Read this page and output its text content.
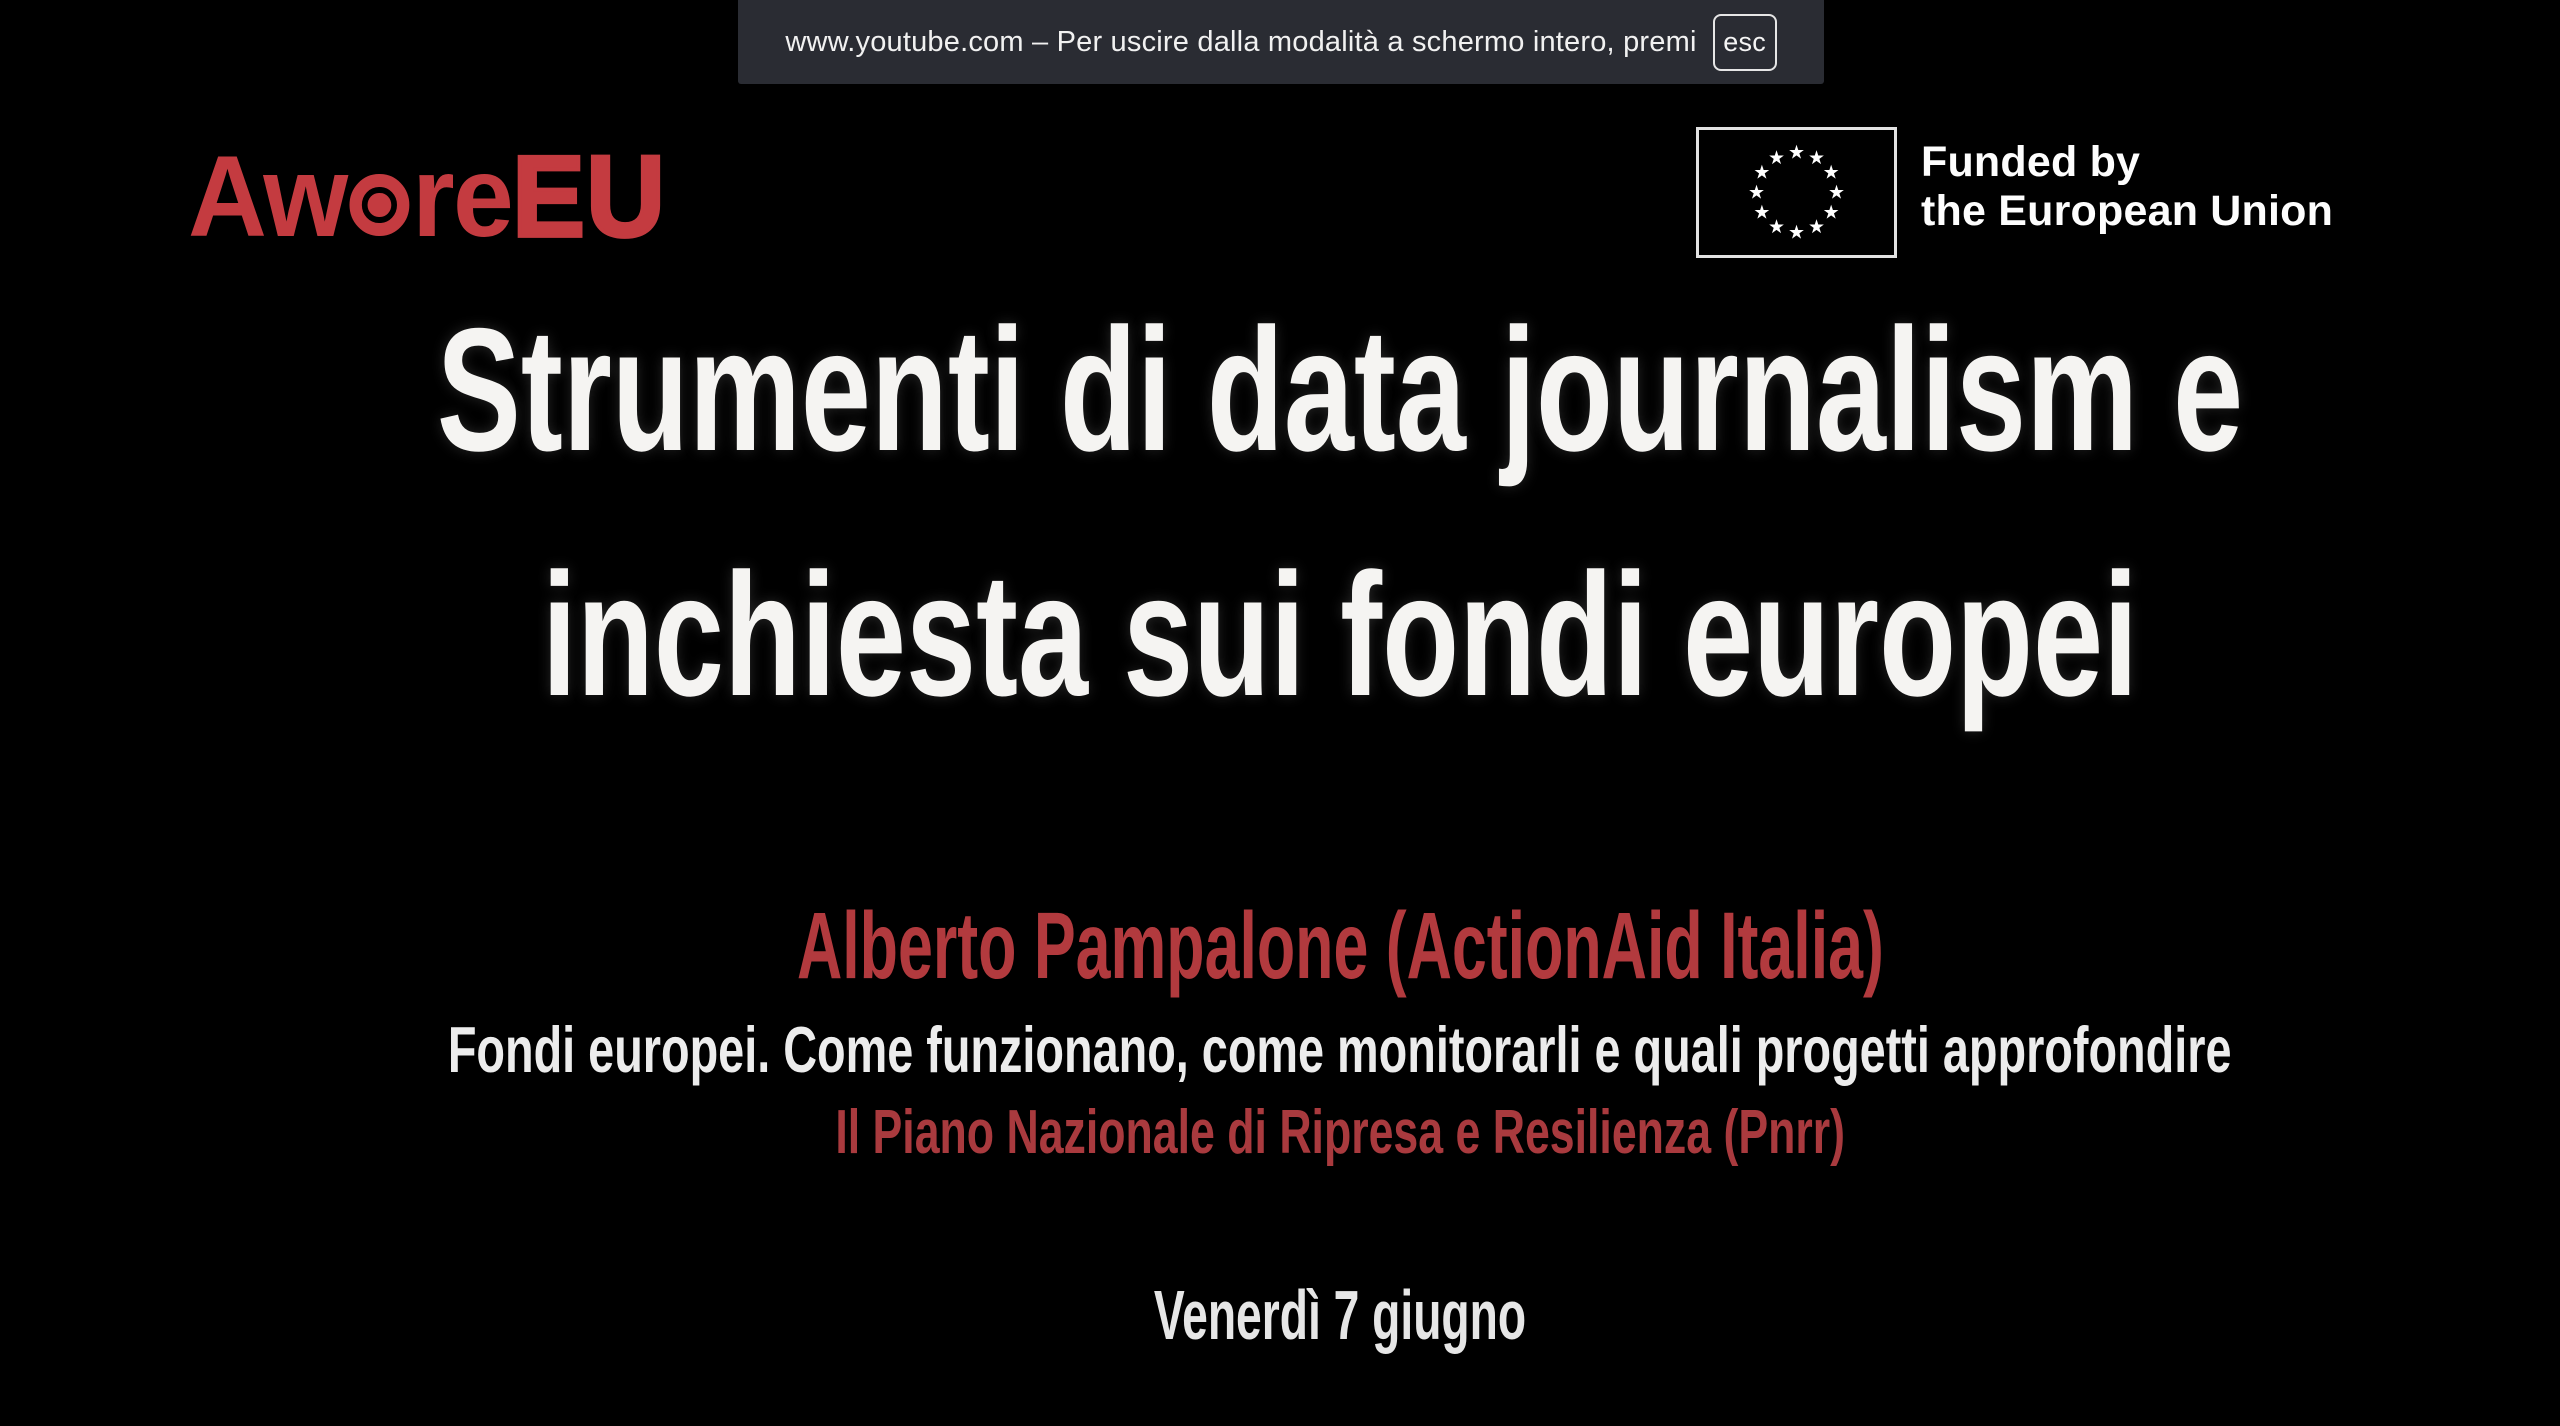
www.youtube.com – Per uscire dalla modalità a schermo intero, premi esc
Aw reEU	★ ★
★
★
★
★
★
★
★
★
★
★	Funded by
the European Union
Strumenti di data journalism e
inchiesta sui fondi europei
Alberto Pampalone (ActionAid Italia)
Fondi europei. Come funzionano, come monitorarli e quali progetti approfondire
Il Piano Nazionale di Ripresa e Resilienza (Pnrr)
Venerdì 7 giugno
